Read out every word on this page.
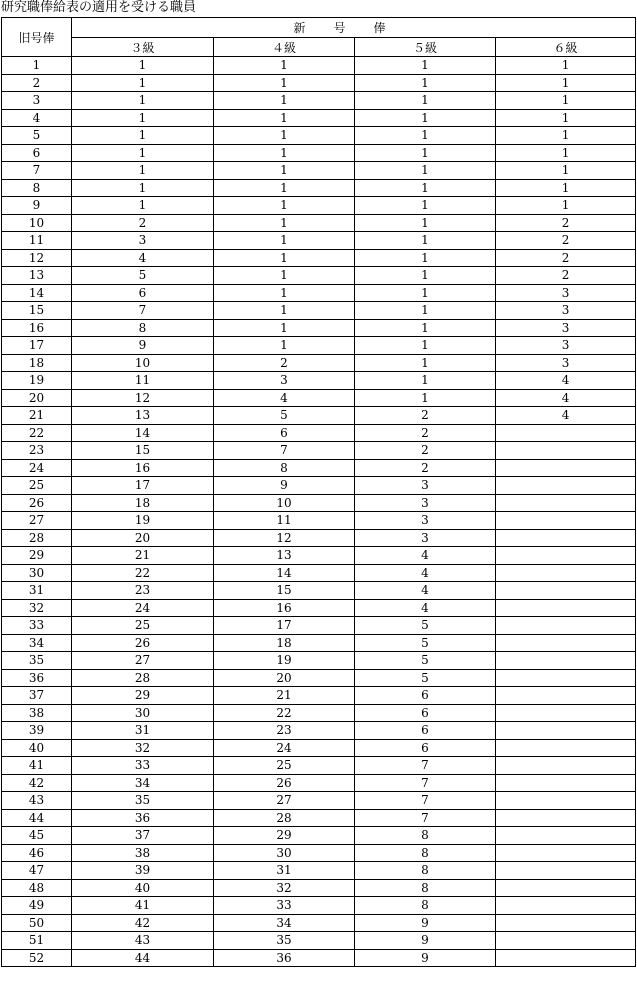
研究職俸給表の適用を受ける職員
旧号俸	新号俸			
	３級	４級	５級	６級
1	1	1	1	1
2	1	1	1	1
3	1	1	1	1
4	1	1	1	1
5	1	1	1	1
6	1	1	1	1
7	1	1	1	1
8	1	1	1	1
9	1	1	1	1
10	2	1	1	2
11	3	1	1	2
12	4	1	1	2
13	5	1	1	2
14	6	1	1	3
15	7	1	1	3
16	8	1	1	3
17	9	1	1	3
18	10	2	1	3
19	11	3	1	4
20	12	4	1	4
21	13	5	2	4
22	14	6	2	
23	15	7	2	
24	16	8	2	
25	17	9	3	
26	18	10	3	
27	19	11	3	
28	20	12	3	
29	21	13	4	
30	22	14	4	
31	23	15	4	
32	24	16	4	
33	25	17	5	
34	26	18	5	
35	27	19	5	
36	28	20	5	
37	29	21	6	
38	30	22	6	
39	31	23	6	
40	32	24	6	
41	33	25	7	
42	34	26	7	
43	35	27	7	
44	36	28	7	
45	37	29	8	
46	38	30	8	
47	39	31	8	
48	40	32	8	
49	41	33	8	
50	42	34	9	
51	43	35	9	
52	44	36	9	
